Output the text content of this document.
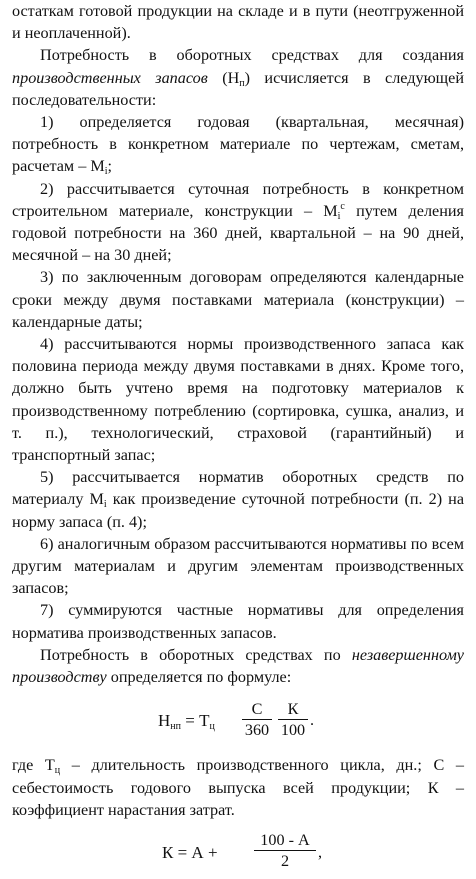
остаткам готовой продукции на складе и в пути (неотгруженной и неоплаченной).

Потребность в оборотных средствах для создания производственных запасов $(Н_п)$ исчисляется в следующей последовательности:

1) определяется годовая (квартальная, месячная) потребность в конкретном материале по чертежам, сметам, расчетам – $М_i$;

2) рассчитывается суточная потребность в конкретном строительном материале, конструкции – $М_i^с$ путем деления годовой потребности на 360 дней, квартальной – на 90 дней, месячной – на 30 дней;

3) по заключенным договорам определяются календарные сроки между двумя поставками материала (конструкции) – календарные даты;

4) рассчитываются нормы производственного запаса как половина периода между двумя поставками в днях. Кроме того, должно быть учтено время на подготовку материалов к производственному потреблению (сортировка, сушка, анализ, и т. п.), технологический, страховой (гарантийный) и транспортный запас;

5) рассчитывается норматив оборотных средств по материалу $М_i$ как произведение суточной потребности (п. 2) на норму запаса (п. 4);

6) аналогичным образом рассчитываются нормативы по всем другим материалам и другим элементам производственных запасов;

7) суммируются частные нормативы для определения норматива производственных запасов.

Потребность в оборотных средствах по незавершенному производству определяется по формуле:

$Н_{нп} = Т_ц$
С
360
К
100
.

где $Т_ц$ – длительность производственного цикла, дн.; С – себестоимость годового выпуска всей продукции; К – коэффициент нарастания затрат.

К = А +
100 - А
2	,
